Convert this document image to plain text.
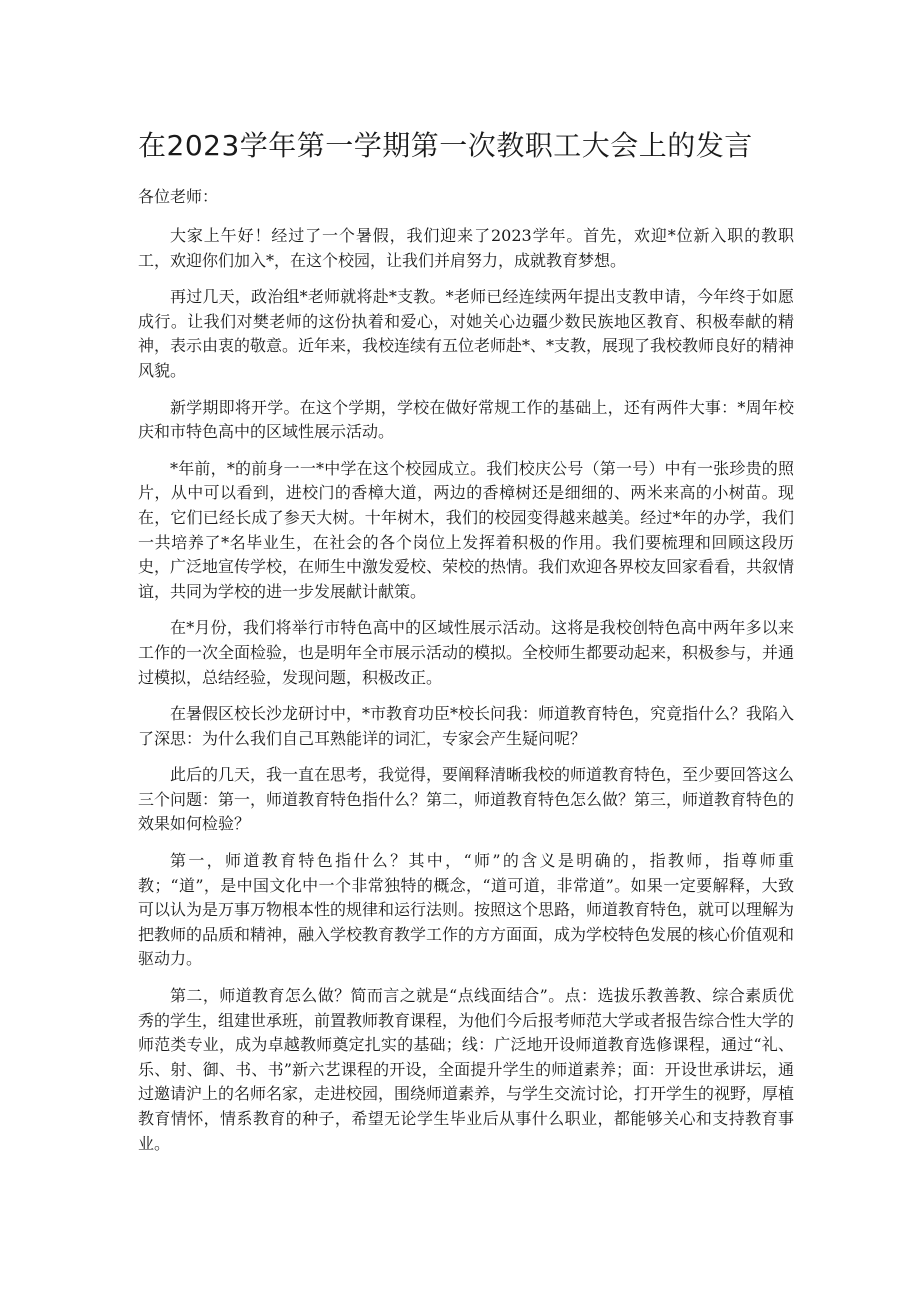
在2023学年第一学期第一次教职工大会上的发言

各位老师：

大家上午好！经过了一个暑假，我们迎来了2023学年。首先，欢迎*位新入职的教职工，欢迎你们加入*，在这个校园，让我们并肩努力，成就教育梦想。

再过几天，政治组*老师就将赴*支教。*老师已经连续两年提出支教申请，今年终于如愿成行。让我们对樊老师的这份执着和爱心，对她关心边疆少数民族地区教育、积极奉献的精神，表示由衷的敬意。近年来，我校连续有五位老师赴*、*支教，展现了我校教师良好的精神风貌。

新学期即将开学。在这个学期，学校在做好常规工作的基础上，还有两件大事：*周年校庆和市特色高中的区域性展示活动。

*年前，*的前身一一*中学在这个校园成立。我们校庆公号（第一号）中有一张珍贵的照片，从中可以看到，进校门的香樟大道，两边的香樟树还是细细的、两米来高的小树苗。现在，它们已经长成了参天大树。十年树木，我们的校园变得越来越美。经过*年的办学，我们一共培养了*名毕业生，在社会的各个岗位上发挥着积极的作用。我们要梳理和回顾这段历史，广泛地宣传学校，在师生中激发爱校、荣校的热情。我们欢迎各界校友回家看看，共叙情谊，共同为学校的进一步发展献计献策。

在*月份，我们将举行市特色高中的区域性展示活动。这将是我校创特色高中两年多以来工作的一次全面检验，也是明年全市展示活动的模拟。全校师生都要动起来，积极参与，并通过模拟，总结经验，发现问题，积极改正。

在暑假区校长沙龙研讨中，*市教育功臣*校长问我：师道教育特色，究竟指什么？我陷入了深思：为什么我们自己耳熟能详的词汇，专家会产生疑问呢？

此后的几天，我一直在思考，我觉得，要阐释清晰我校的师道教育特色，至少要回答这么三个问题：第一，师道教育特色指什么？第二，师道教育特色怎么做？第三，师道教育特色的效果如何检验？

第一，师道教育特色指什么？其中，“师”的含义是明确的，指教师，指尊师重教；“道”，是中国文化中一个非常独特的概念，“道可道，非常道”。如果一定要解释，大致可以认为是万事万物根本性的规律和运行法则。按照这个思路，师道教育特色，就可以理解为把教师的品质和精神，融入学校教育教学工作的方方面面，成为学校特色发展的核心价值观和驱动力。

第二，师道教育怎么做？简而言之就是“点线面结合”。点：选拔乐教善教、综合素质优秀的学生，组建世承班，前置教师教育课程，为他们今后报考师范大学或者报告综合性大学的师范类专业，成为卓越教师奠定扎实的基础；线：广泛地开设师道教育选修课程，通过“礼、乐、射、御、书、书”新六艺课程的开设，全面提升学生的师道素养；面：开设世承讲坛，通过邀请沪上的名师名家，走进校园，围绕师道素养，与学生交流讨论，打开学生的视野，厚植教育情怀，情系教育的种子，希望无论学生毕业后从事什么职业，都能够关心和支持教育事业。
